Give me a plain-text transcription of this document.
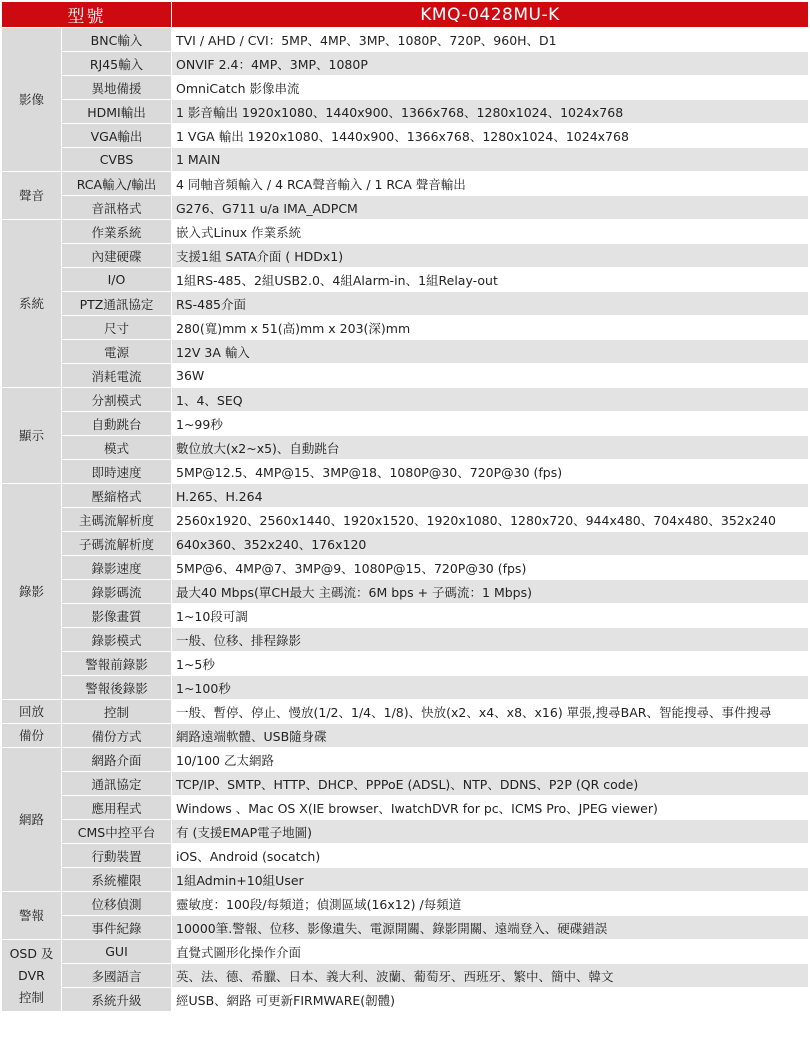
型號		KMQ-0428MU-K
影像	BNC輸入	TVI / AHD / CVI：5MP、4MP、3MP、1080P、720P、960H、D1
	RJ45輸入	ONVIF 2.4：4MP、3MP、1080P
	異地備援	OmniCatch 影像串流
	HDMI輸出	1 影音輸出 1920x1080、1440x900、1366x768、1280x1024、1024x768
	VGA輸出	1 VGA 輸出 1920x1080、1440x900、1366x768、1280x1024、1024x768
	CVBS	1 MAIN
聲音	RCA輸入/輸出	4 同軸音頻輸入 / 4 RCA聲音輸入 / 1 RCA 聲音輸出
	音訊格式	G276、G711 u/a IMA_ADPCM
系統	作業系統	嵌入式Linux 作業系統
	內建硬碟	支援1組 SATA介面 ( HDDx1)
	I/O	1組RS-485、2組USB2.0、4組Alarm-in、1組Relay-out
	PTZ通訊協定	RS-485介面
	尺寸	280(寬)mm x 51(高)mm x 203(深)mm
	電源	12V 3A 輸入
	消耗電流	36W
顯示	分割模式	1、4、SEQ
	自動跳台	1~99秒
	模式	數位放大(x2~x5)、自動跳台
	即時速度	5MP@12.5、4MP@15、3MP@18、1080P@30、720P@30 (fps)
錄影	壓縮格式	H.265、H.264
	主碼流解析度	2560x1920、2560x1440、1920x1520、1920x1080、1280x720、944x480、704x480、352x240
	子碼流解析度	640x360、352x240、176x120
	錄影速度	5MP@6、4MP@7、3MP@9、1080P@15、720P@30 (fps)
	錄影碼流	最大40 Mbps(單CH最大 主碼流：6M bps + 子碼流：1 Mbps)
	影像畫質	1~10段可調
	錄影模式	一般、位移、排程錄影
	警報前錄影	1~5秒
	警報後錄影	1~100秒
回放	控制	一般、暫停、停止、慢放(1/2、1/4、1/8)、快放(x2、x4、x8、x16) 單張,搜尋BAR、智能搜尋、事件搜尋
備份	備份方式	網路遠端軟體、USB隨身碟
網路	網路介面	10/100 乙太網路
	通訊協定	TCP/IP、SMTP、HTTP、DHCP、PPPoE (ADSL)、NTP、DDNS、P2P (QR code)
	應用程式	Windows 、Mac OS X(IE browser、IwatchDVR for pc、ICMS Pro、JPEG viewer)
	CMS中控平台	有 (支援EMAP電子地圖)
	行動裝置	iOS、Android (socatch)
	系統權限	1組Admin+10組User
警報	位移偵測	靈敏度：100段/每頻道；偵測區域(16x12) /每頻道
	事件紀錄	10000筆.警報、位移、影像遺失、電源開關、錄影開關、遠端登入、硬碟錯誤
OSD 及
DVR
控制	GUI	直覺式圖形化操作介面
	多國語言	英、法、德、希臘、日本、義大利、波蘭、葡萄牙、西班牙、繁中、簡中、韓文
	系統升級	經USB、網路 可更新FIRMWARE(韌體)
